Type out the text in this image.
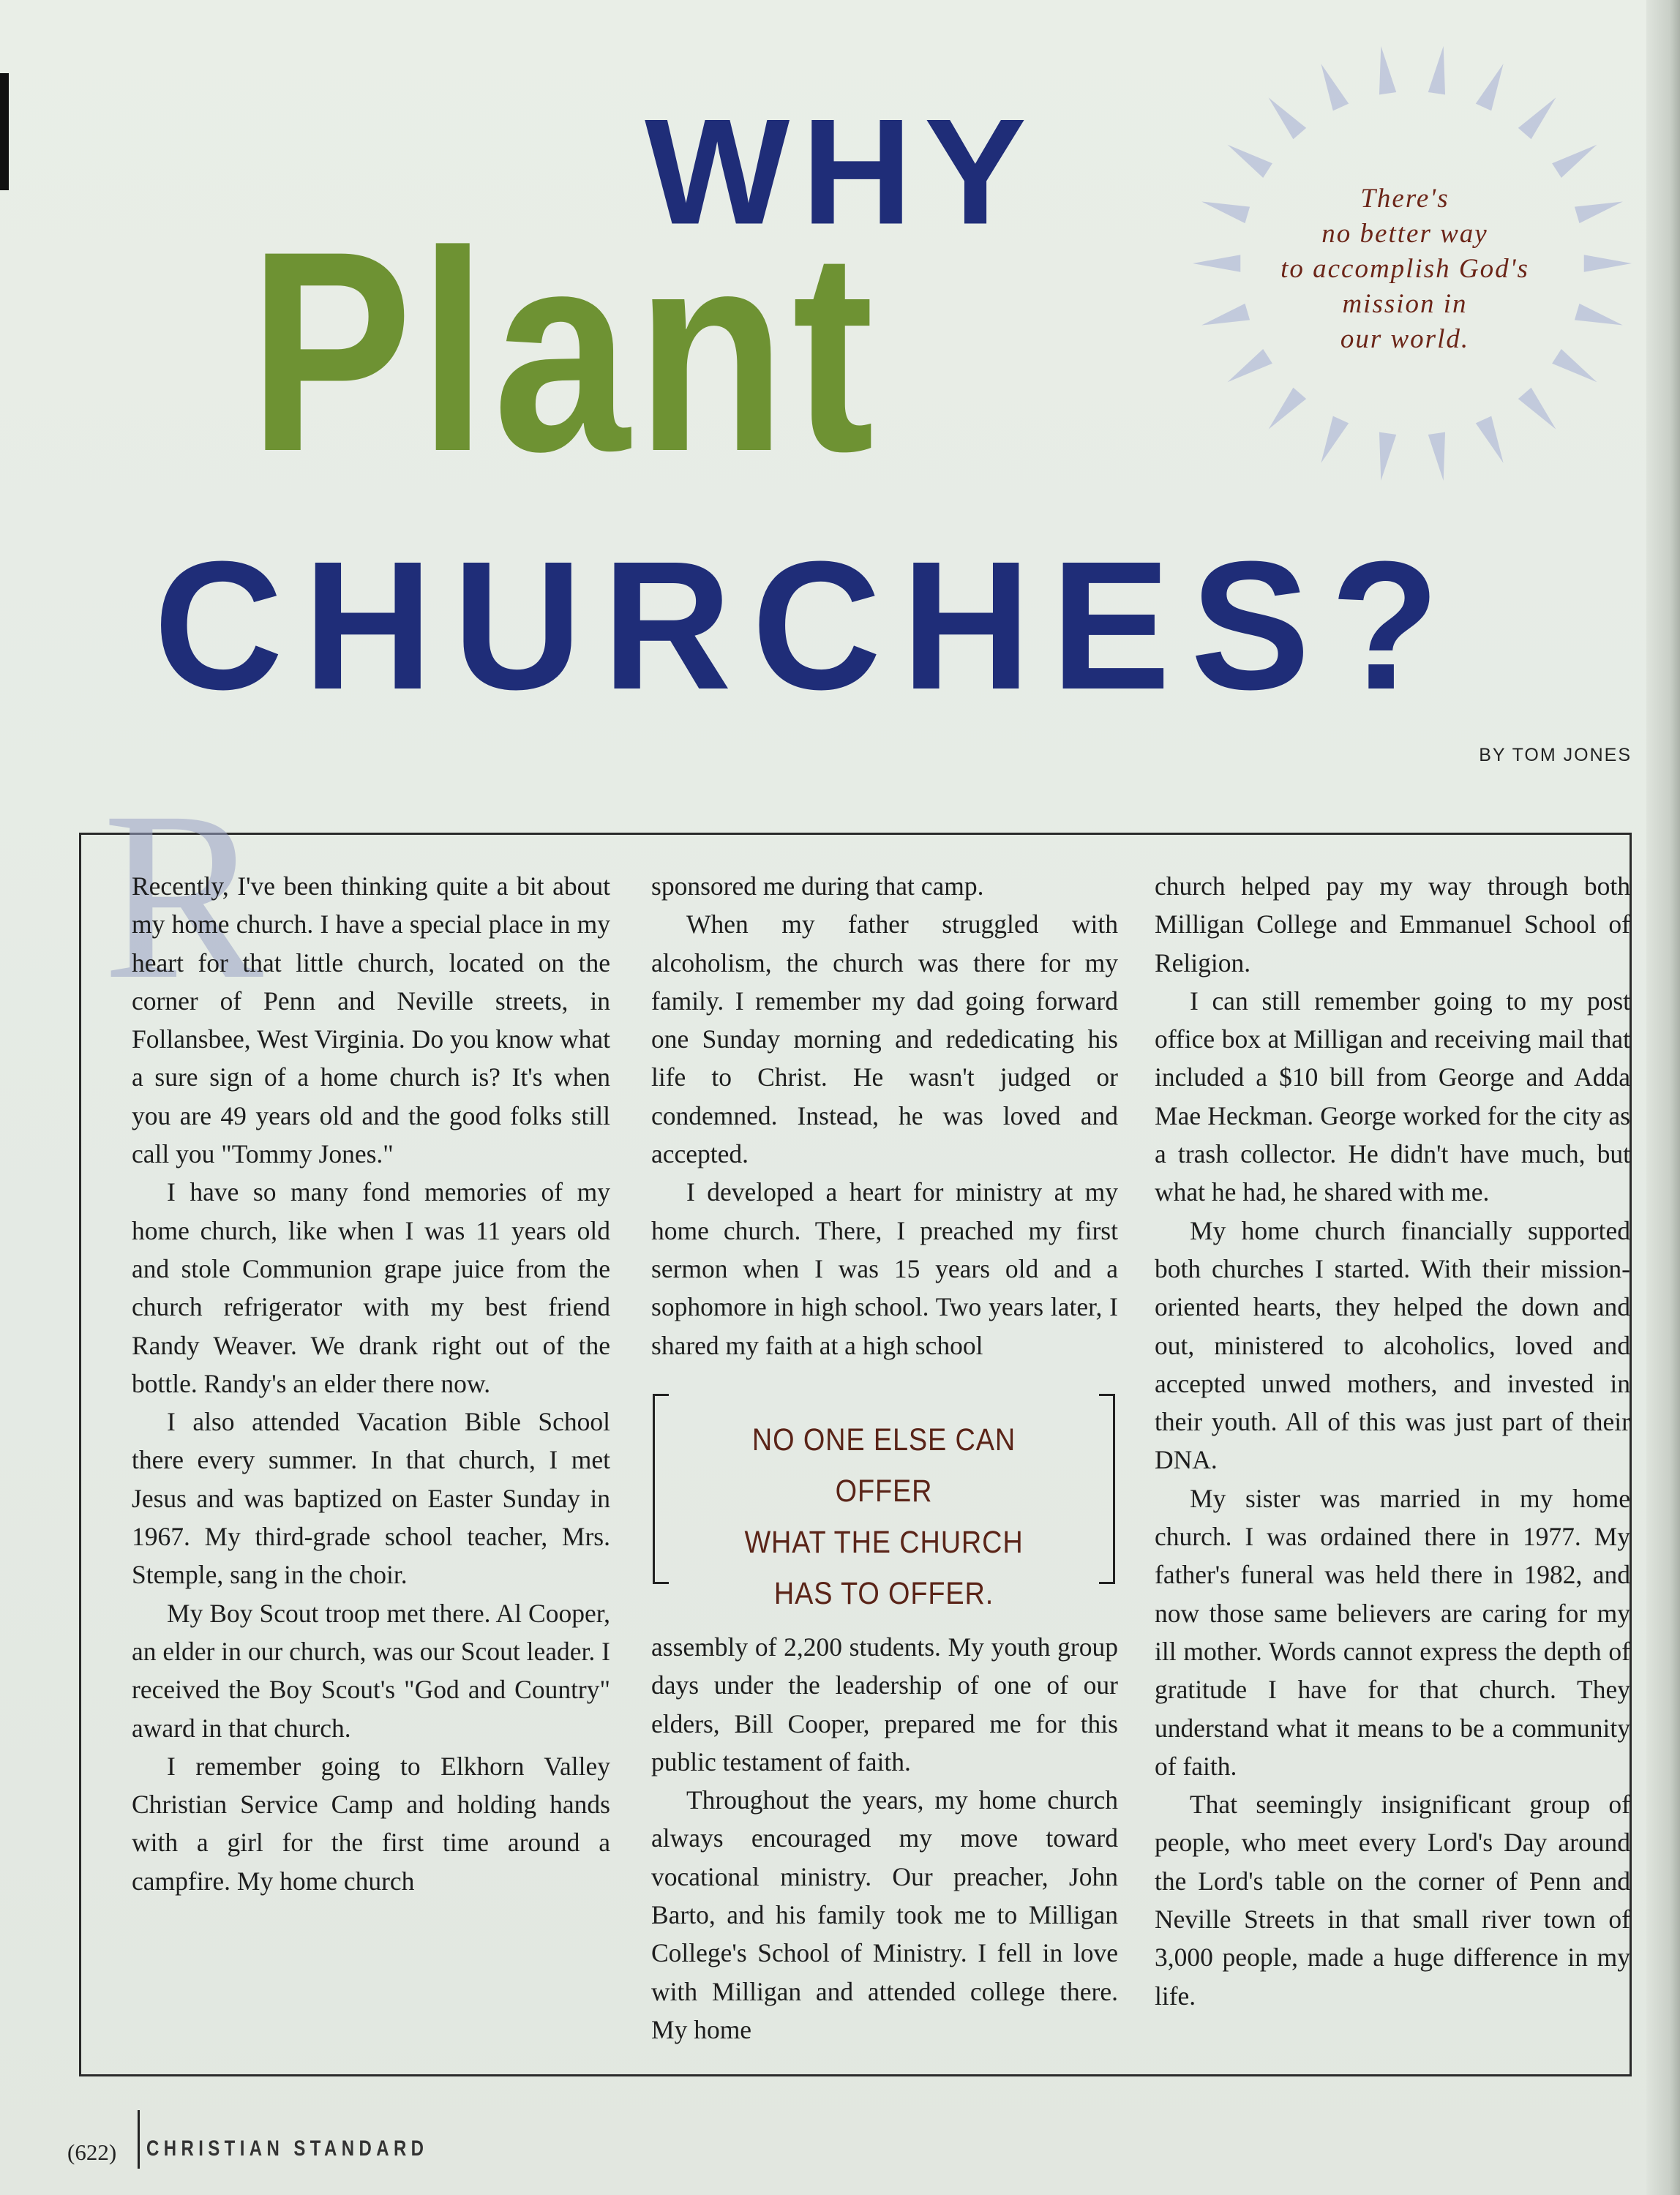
WHY
Plant
CHURCHES?
There's
no better way
to accomplish God's
mission in
our world.
BY TOM JONES
R

Recently, I've been thinking quite a bit about my home church. I have a special place in my heart for that little church, located on the corner of Penn and Neville streets, in Follansbee, West Virginia. Do you know what a sure sign of a home church is? It's when you are 49 years old and the good folks still call you "Tommy Jones."

I have so many fond memories of my home church, like when I was 11 years old and stole Communion grape juice from the church refrigerator with my best friend Randy Weaver. We drank right out of the bottle. Randy's an elder there now.

I also attended Vacation Bible School there every summer. In that church, I met Jesus and was baptized on Easter Sunday in 1967. My third-grade school teacher, Mrs. Stemple, sang in the choir.

My Boy Scout troop met there. Al Cooper, an elder in our church, was our Scout leader. I received the Boy Scout's "God and Country" award in that church.

I remember going to Elkhorn Valley Christian Service Camp and holding hands with a girl for the first time around a campfire. My home church

sponsored me during that camp.

When my father struggled with alcoholism, the church was there for my family. I remember my dad going forward one Sunday morning and rededicating his life to Christ. He wasn't judged or condemned. Instead, he was loved and accepted.

I developed a heart for ministry at my home church. There, I preached my first sermon when I was 15 years old and a sophomore in high school. Two years later, I shared my faith at a high school

NO ONE ELSE CAN OFFER
WHAT THE CHURCH
HAS TO OFFER.

assembly of 2,200 students. My youth group days under the leadership of one of our elders, Bill Cooper, prepared me for this public testament of faith.

Throughout the years, my home church always encouraged my move toward vocational ministry. Our preacher, John Barto, and his family took me to Milligan College's School of Ministry. I fell in love with Milligan and attended college there. My home

church helped pay my way through both Milligan College and Emmanuel School of Religion.

I can still remember going to my post office box at Milligan and receiving mail that included a $10 bill from George and Adda Mae Heckman. George worked for the city as a trash collector. He didn't have much, but what he had, he shared with me.

My home church financially supported both churches I started. With their mission-oriented hearts, they helped the down and out, ministered to alcoholics, loved and accepted unwed mothers, and invested in their youth. All of this was just part of their DNA.

My sister was married in my home church. I was ordained there in 1977. My father's funeral was held there in 1982, and now those same believers are caring for my ill mother. Words cannot express the depth of gratitude I have for that church. They understand what it means to be a community of faith.

That seemingly insignificant group of people, who meet every Lord's Day around the Lord's table on the corner of Penn and Neville Streets in that small river town of 3,000 people, made a huge difference in my life.

(622) CHRISTIAN STANDARD
